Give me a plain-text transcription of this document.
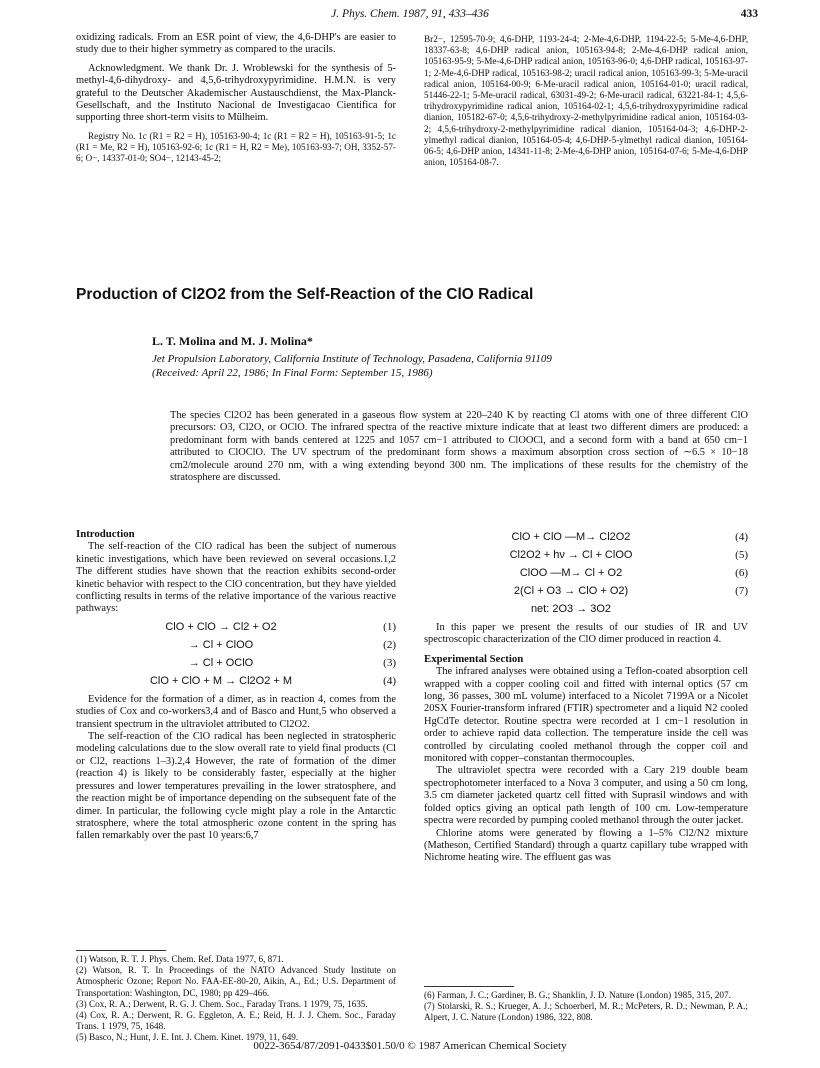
J. Phys. Chem. 1987, 91, 433–436	433

oxidizing radicals. From an ESR point of view, the 4,6-DHP's are easier to study due to their higher symmetry as compared to the uracils.

Acknowledgment. We thank Dr. J. Wroblewski for the synthesis of 5-methyl-4,6-dihydroxy- and 4,5,6-trihydroxypyrimidine. H.M.N. is very grateful to the Deutscher Akademischer Austauschdienst, the Max-Planck-Gesellschaft, and the Instituto Nacional de Investigacao Cientifica for supporting three short-term visits to Mülheim.

Registry No. 1c (R1 = R2 = H), 105163-90-4; 1c (R1 = R2 = H), 105163-91-5; 1c (R1 = Me, R2 = H), 105163-92-6; 1c (R1 = H, R2 = Me), 105163-93-7; OH, 3352-57-6; O−, 14337-01-0; SO4−, 12143-45-2;

Br2−, 12595-70-9; 4,6-DHP, 1193-24-4; 2-Me-4,6-DHP, 1194-22-5; 5-Me-4,6-DHP, 18337-63-8; 4,6-DHP radical anion, 105163-94-8; 2-Me-4,6-DHP radical anion, 105163-95-9; 5-Me-4,6-DHP radical anion, 105163-96-0; 4,6-DHP radical, 105163-97-1; 2-Me-4,6-DHP radical, 105163-98-2; uracil radical anion, 105163-99-3; 5-Me-uracil radical anion, 105164-00-9; 6-Me-uracil radical anion, 105164-01-0; uracil radical, 51446-22-1; 5-Me-uracil radical, 63031-49-2; 6-Me-uracil radical, 63221-84-1; 4,5,6-trihydroxypyrimidine radical anion, 105164-02-1; 4,5,6-trihydroxypyrimidine radical dianion, 105182-67-0; 4,5,6-trihydroxy-2-methylpyrimidine radical anion, 105164-03-2; 4,5,6-trihydroxy-2-methylpyrimidine radical dianion, 105164-04-3; 4,6-DHP-2-ylmethyl radical dianion, 105164-05-4; 4,6-DHP-5-ylmethyl radical dianion, 105164-06-5; 4,6-DHP anion, 14341-11-8; 2-Me-4,6-DHP anion, 105164-07-6; 5-Me-4,6-DHP anion, 105164-08-7.
Production of Cl2O2 from the Self-Reaction of the ClO Radical
L. T. Molina and M. J. Molina*
Jet Propulsion Laboratory, California Institute of Technology, Pasadena, California 91109
(Received: April 22, 1986; In Final Form: September 15, 1986)
The species Cl2O2 has been generated in a gaseous flow system at 220–240 K by reacting Cl atoms with one of three different ClO precursors: O3, Cl2O, or OClO. The infrared spectra of the reactive mixture indicate that at least two different dimers are produced: a predominant form with bands centered at 1225 and 1057 cm−1 attributed to ClOOCl, and a second form with a band at 650 cm−1 attributed to ClOClO. The UV spectrum of the predominant form shows a maximum absorption cross section of ∼6.5 × 10−18 cm2/molecule around 270 nm, with a wing extending beyond 300 nm. The implications of these results for the chemistry of the stratosphere are discussed.
Introduction

The self-reaction of the ClO radical has been the subject of numerous kinetic investigations, which have been reviewed on several occasions.1,2 The different studies have shown that the reaction exhibits second-order kinetic behavior with respect to the ClO concentration, but they have yielded conflicting results in terms of the relative importance of the various reactive pathways:

ClO + ClO → Cl2 + O2	(1)
→ Cl + ClOO	(2)
→ Cl + OClO	(3)
ClO + ClO + M → Cl2O2 + M	(4)

Evidence for the formation of a dimer, as in reaction 4, comes from the studies of Cox and co-workers3,4 and of Basco and Hunt,5 who observed a transient spectrum in the ultraviolet attributed to Cl2O2.

The self-reaction of the ClO radical has been neglected in stratospheric modeling calculations due to the slow overall rate to yield final products (Cl or Cl2, reactions 1–3).2,4 However, the rate of formation of the dimer (reaction 4) is likely to be considerably faster, especially at the higher pressures and lower temperatures prevailing in the lower stratosphere, and the reaction might be of importance depending on the subsequent fate of the dimer. In particular, the following cycle might play a role in the Antarctic stratosphere, where the total atmospheric ozone content in the spring has fallen remarkably over the past 10 years:6,7

(1) Watson, R. T. J. Phys. Chem. Ref. Data 1977, 6, 871.
(2) Watson, R. T. In Proceedings of the NATO Advanced Study Institute on Atmospheric Ozone; Report No. FAA-EE-80-20, Aikin, A., Ed.; U.S. Department of Transportation: Washington, DC, 1980; pp 429–466.
(3) Cox, R. A.; Derwent, R. G. J. Chem. Soc., Faraday Trans. 1 1979, 75, 1635.
(4) Cox, R. A.; Derwent, R. G. Eggleton, A. E.; Reid, H. J. J. Chem. Soc., Faraday Trans. 1 1979, 75, 1648.
(5) Basco, N.; Hunt, J. E. Int. J. Chem. Kinet. 1979, 11, 649.
ClO + ClO —M→ Cl2O2	(4)
Cl2O2 + hν → Cl + ClOO	(5)
ClOO —M→ Cl + O2	(6)
2(Cl + O3 → ClO + O2)	(7)
net: 2O3 → 3O2

In this paper we present the results of our studies of IR and UV spectroscopic characterization of the ClO dimer produced in reaction 4.

Experimental Section

The infrared analyses were obtained using a Teflon-coated absorption cell wrapped with a copper cooling coil and fitted with internal optics (57 cm long, 36 passes, 300 mL volume) interfaced to a Nicolet 7199A or a Nicolet 20SX Fourier-transform infrared (FTIR) spectrometer and a liquid N2 cooled HgCdTe detector. Routine spectra were recorded at 1 cm−1 resolution in order to achieve rapid data collection. The temperature inside the cell was controlled by circulating cooled methanol through the copper coil and monitored with copper–constantan thermocouples.

The ultraviolet spectra were recorded with a Cary 219 double beam spectrophotometer interfaced to a Nova 3 computer, and using a 50 cm long, 3.5 cm diameter jacketed quartz cell fitted with Suprasil windows and with folded optics giving an optical path length of 100 cm. Low-temperature spectra were recorded by pumping cooled methanol through the outer jacket.

Chlorine atoms were generated by flowing a 1–5% Cl2/N2 mixture (Matheson, Certified Standard) through a quartz capillary tube wrapped with Nichrome heating wire. The effluent gas was

(6) Farman, J. C.; Gardiner, B. G.; Shanklin, J. D. Nature (London) 1985, 315, 207.
(7) Stolarski, R. S.; Krueger, A. J.; Schoerberl, M. R.; McPeters, R. D.; Newman, P. A.; Alpert, J. C. Nature (London) 1986, 322, 808.
0022-3654/87/2091-0433$01.50/0 © 1987 American Chemical Society
